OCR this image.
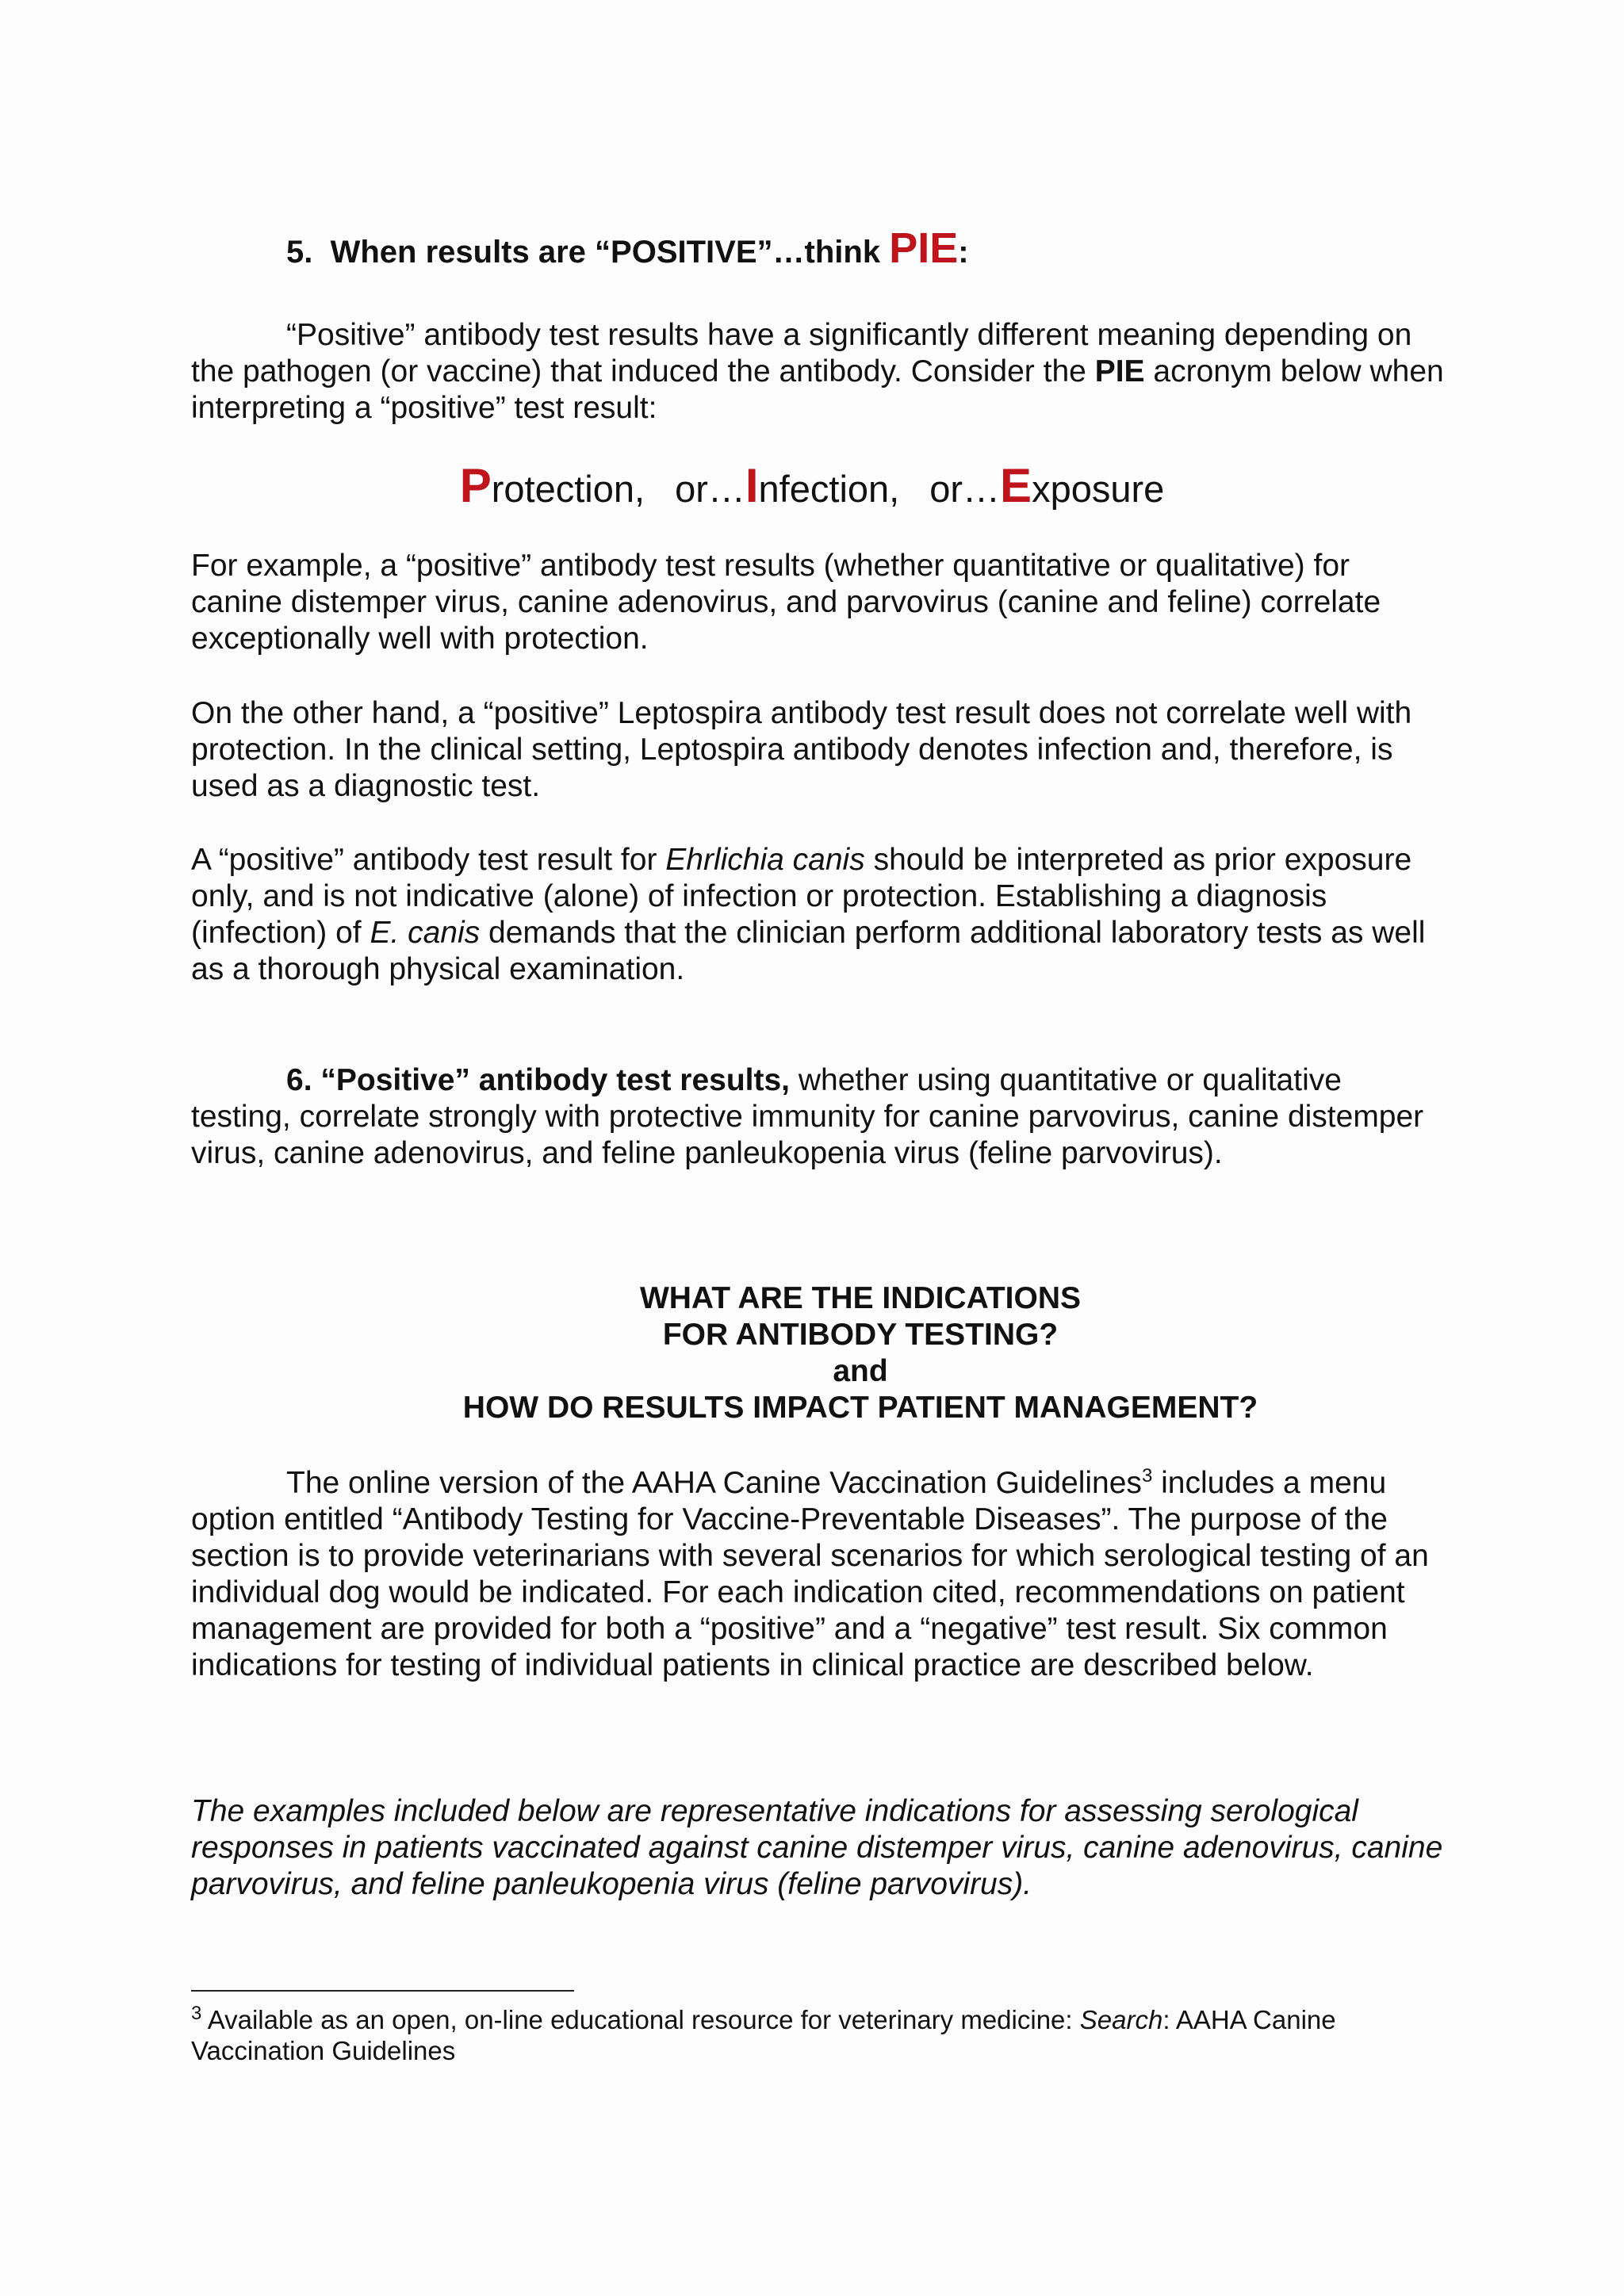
5. When results are “POSITIVE”…think PIE:

“Positive” antibody test results have a significantly different meaning depending on the pathogen (or vaccine) that induced the antibody. Consider the PIE acronym below when interpreting a “positive” test result:

Protection, or…Infection, or…Exposure

For example, a “positive” antibody test results (whether quantitative or qualitative) for canine distemper virus, canine adenovirus, and parvovirus (canine and feline) correlate exceptionally well with protection.

On the other hand, a “positive” Leptospira antibody test result does not correlate well with protection. In the clinical setting, Leptospira antibody denotes infection and, therefore, is used as a diagnostic test.

A “positive” antibody test result for Ehrlichia canis should be interpreted as prior exposure only, and is not indicative (alone) of infection or protection. Establishing a diagnosis (infection) of E. canis demands that the clinician perform additional laboratory tests as well as a thorough physical examination.

6. “Positive” antibody test results, whether using quantitative or qualitative testing, correlate strongly with protective immunity for canine parvovirus, canine distemper virus, canine adenovirus, and feline panleukopenia virus (feline parvovirus).

WHAT ARE THE INDICATIONS
FOR ANTIBODY TESTING?
and
HOW DO RESULTS IMPACT PATIENT MANAGEMENT?

The online version of the AAHA Canine Vaccination Guidelines$^3$ includes a menu option entitled “Antibody Testing for Vaccine-Preventable Diseases”. The purpose of the section is to provide veterinarians with several scenarios for which serological testing of an individual dog would be indicated. For each indication cited, recommendations on patient management are provided for both a “positive” and a “negative” test result. Six common indications for testing of individual patients in clinical practice are described below.

The examples included below are representative indications for assessing serological responses in patients vaccinated against canine distemper virus, canine adenovirus, canine parvovirus, and feline panleukopenia virus (feline parvovirus).

$^3$ Available as an open, on-line educational resource for veterinary medicine: Search: AAHA Canine Vaccination Guidelines
